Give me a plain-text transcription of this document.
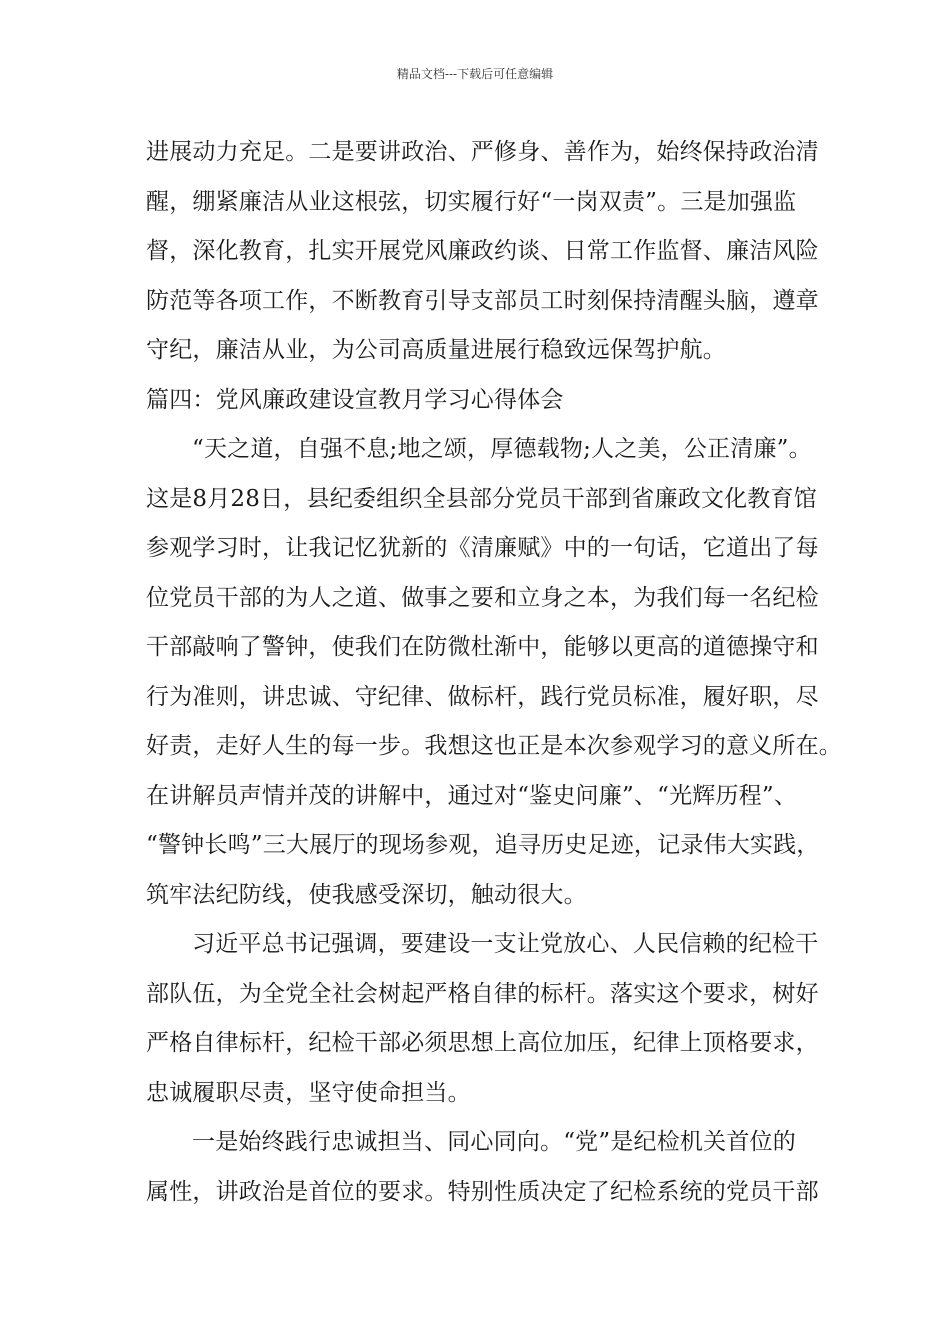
精品文档---下载后可任意编辑
进展动力充足。二是要讲政治、严修身、善作为，始终保持政治清
醒，绷紧廉洁从业这根弦，切实履行好“一岗双责”。三是加强监
督，深化教育，扎实开展党风廉政约谈、日常工作监督、廉洁风险
防范等各项工作，不断教育引导支部员工时刻保持清醒头脑，遵章
守纪，廉洁从业，为公司高质量进展行稳致远保驾护航。
篇四：党风廉政建设宣教月学习心得体会
“天之道，自强不息;地之颂，厚德载物;人之美，公正清廉”。
这是8月28日，县纪委组织全县部分党员干部到省廉政文化教育馆
参观学习时，让我记忆犹新的《清廉赋》中的一句话，它道出了每
位党员干部的为人之道、做事之要和立身之本，为我们每一名纪检
干部敲响了警钟，使我们在防微杜渐中，能够以更高的道德操守和
行为准则，讲忠诚、守纪律、做标杆，践行党员标准，履好职，尽
好责，走好人生的每一步。我想这也正是本次参观学习的意义所在。
在讲解员声情并茂的讲解中，通过对“鉴史问廉”、“光辉历程”、
“警钟长鸣”三大展厅的现场参观，追寻历史足迹，记录伟大实践，
筑牢法纪防线，使我感受深切，触动很大。
习近平总书记强调，要建设一支让党放心、人民信赖的纪检干
部队伍，为全党全社会树起严格自律的标杆。落实这个要求，树好
严格自律标杆，纪检干部必须思想上高位加压，纪律上顶格要求，
忠诚履职尽责，坚守使命担当。
一是始终践行忠诚担当、同心同向。“党”是纪检机关首位的
属性，讲政治是首位的要求。特别性质决定了纪检系统的党员干部
